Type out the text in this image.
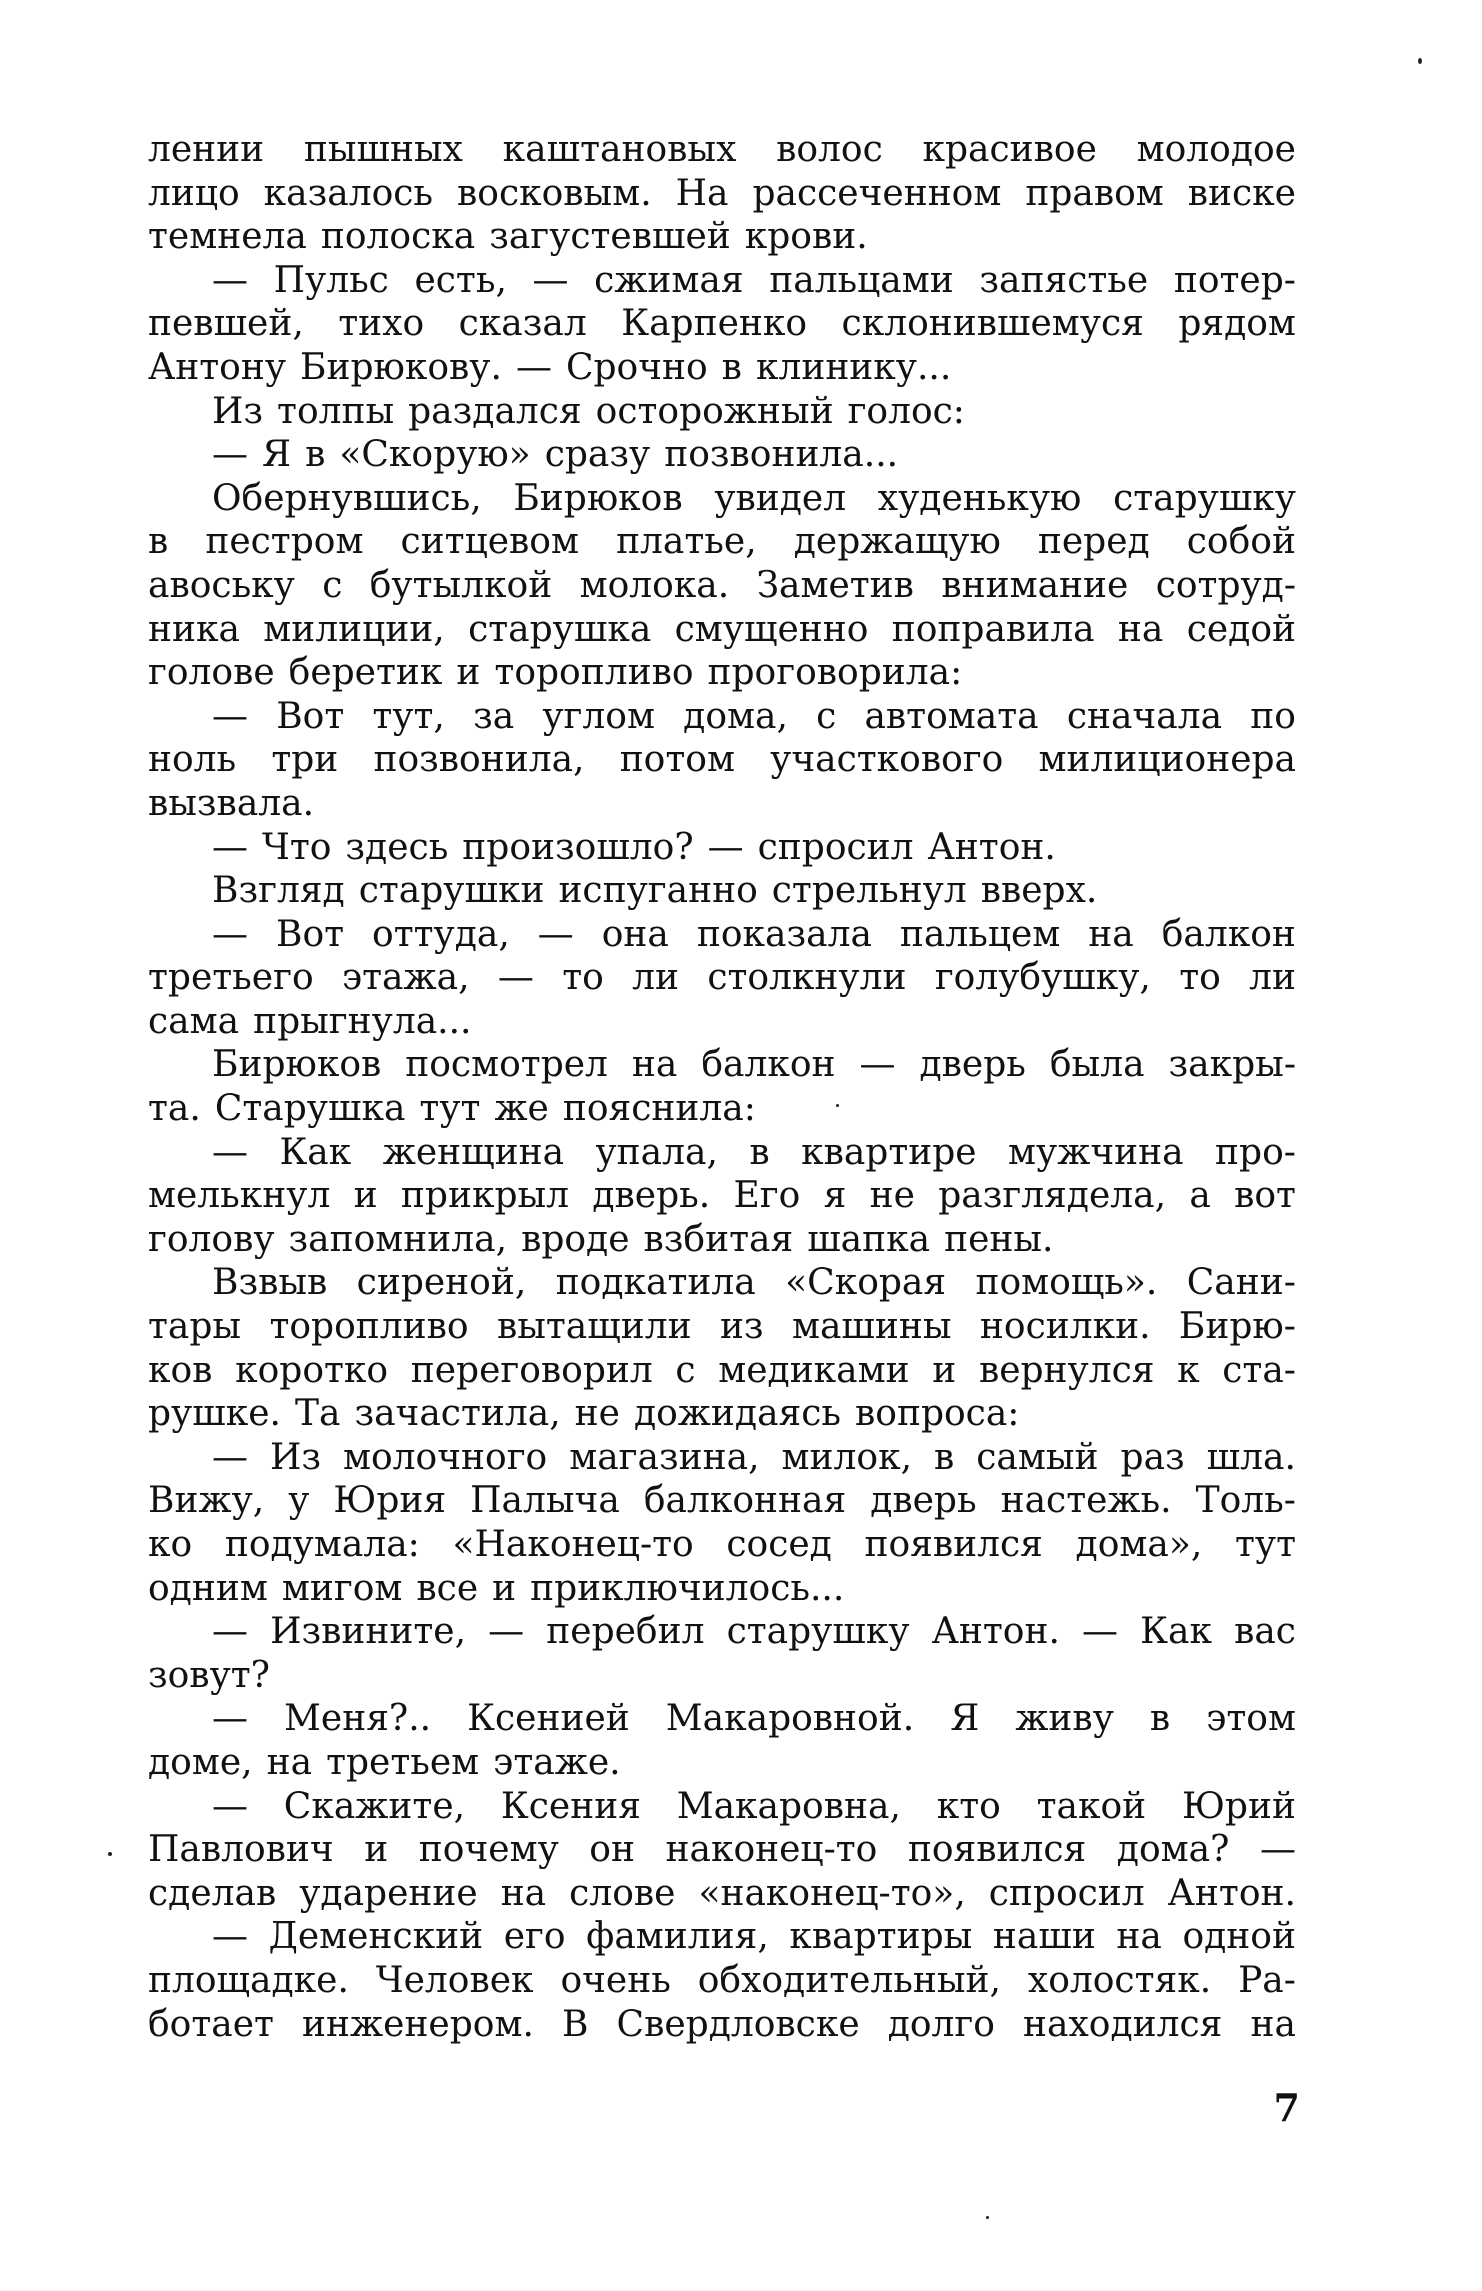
лении пышных каштановых волос красивое молодое
лицо казалось восковым. На рассеченном правом виске
темнела полоска загустевшей крови.
— Пульс есть, — сжимая пальцами запястье потер-
певшей, тихо сказал Карпенко склонившемуся рядом
Антону Бирюкову. — Срочно в клинику...
Из толпы раздался осторожный голос:
— Я в «Скорую» сразу позвонила...
Обернувшись, Бирюков увидел худенькую старушку
в пестром ситцевом платье, держащую перед собой
авоську с бутылкой молока. Заметив внимание сотруд-
ника милиции, старушка смущенно поправила на седой
голове беретик и торопливо проговорила:
— Вот тут, за углом дома, с автомата сначала по
ноль три позвонила, потом участкового милиционера
вызвала.
— Что здесь произошло? — спросил Антон.
Взгляд старушки испуганно стрельнул вверх.
— Вот оттуда, — она показала пальцем на балкон
третьего этажа, — то ли столкнули голубушку, то ли
сама прыгнула...
Бирюков посмотрел на балкон — дверь была закры-
та. Старушка тут же пояснила:
— Как женщина упала, в квартире мужчина про-
мелькнул и прикрыл дверь. Его я не разглядела, а вот
голову запомнила, вроде взбитая шапка пены.
Взвыв сиреной, подкатила «Скорая помощь». Сани-
тары торопливо вытащили из машины носилки. Бирю-
ков коротко переговорил с медиками и вернулся к ста-
рушке. Та зачастила, не дожидаясь вопроса:
— Из молочного магазина, милок, в самый раз шла.
Вижу, у Юрия Палыча балконная дверь настежь. Толь-
ко подумала: «Наконец-то сосед появился дома», тут
одним мигом все и приключилось...
— Извините, — перебил старушку Антон. — Как вас
зовут?
— Меня?.. Ксенией Макаровной. Я живу в этом
доме, на третьем этаже.
— Скажите, Ксения Макаровна, кто такой Юрий
Павлович и почему он наконец-то появился дома? —
сделав ударение на слове «наконец-то», спросил Антон.
— Деменский его фамилия, квартиры наши на одной
площадке. Человек очень обходительный, холостяк. Ра-
ботает инженером. В Свердловске долго находился на
7
